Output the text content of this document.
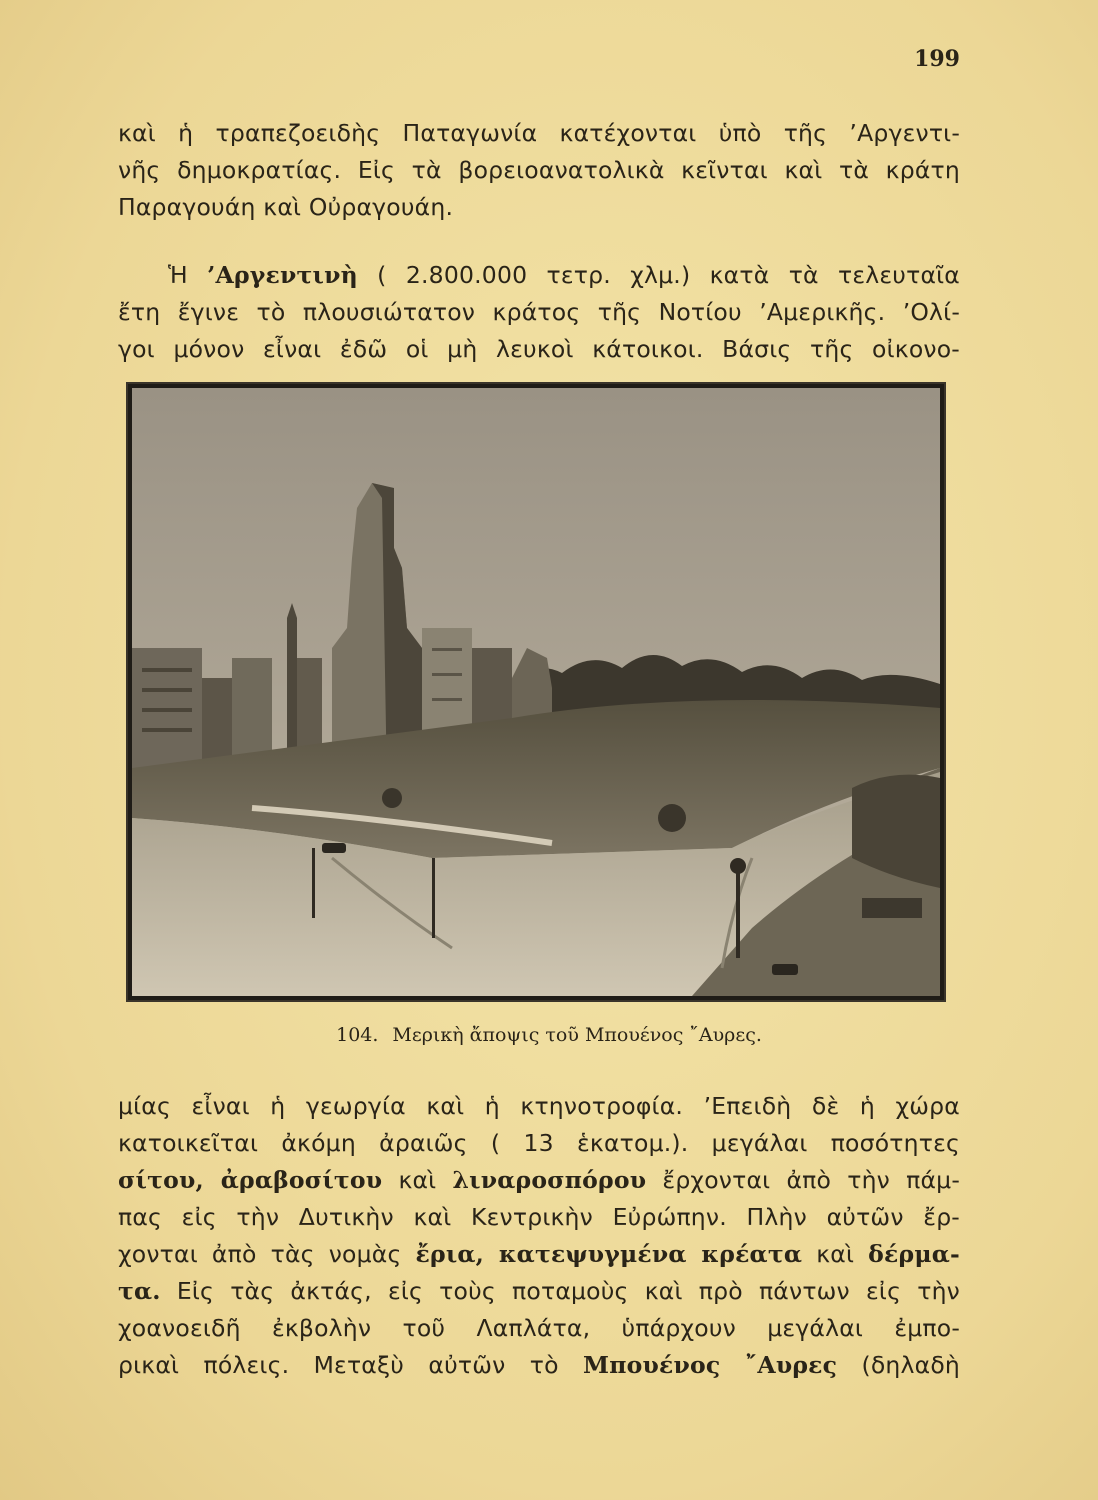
199
καὶ ἡ τραπεζοειδὴς Παταγωνία κατέχονται ὑπὸ τῆς ’Αργεντι-
νῆς δημοκρατίας. Εἰς τὰ βορειοανατολικὰ κεῖνται καὶ τὰ κράτη
Παραγουάη καὶ Οὐραγουάη.
Ἡ ’Αργεντινὴ ( 2.800.000 τετρ. χλμ.) κατὰ τὰ τελευταῖα
ἔτη ἔγινε τὸ πλουσιώτατον κράτος τῆς Νοτίου ’Αμερικῆς. ’Ολί-
γοι μόνον εἶναι ἐδῶ οἱ μὴ λευκοὶ κάτοικοι. Βάσις τῆς οἰκονο-
104. Μερικὴ ἄποψις τοῦ Μπουένος ῎Αυρες.
μίας εἶναι ἡ γεωργία καὶ ἡ κτηνοτροφία. ’Επειδὴ δὲ ἡ χώρα
κατοικεῖται ἀκόμη ἀραιῶς ( 13 ἑκατομ.). μεγάλαι ποσότητες
σίτου, ἀραβοσίτου καὶ λιναροσπόρου ἔρχονται ἀπὸ τὴν πάμ-
πας εἰς τὴν Δυτικὴν καὶ Κεντρικὴν Εὐρώπην. Πλὴν αὐτῶν ἔρ-
χονται ἀπὸ τὰς νομὰς ἔρια, κατεψυγμένα κρέατα καὶ δέρμα-
τα. Εἰς τὰς ἀκτάς, εἰς τοὺς ποταμοὺς καὶ πρὸ πάντων εἰς τὴν
χοανοειδῆ ἐκβολὴν τοῦ Λαπλάτα, ὑπάρχουν μεγάλαι ἐμπο-
ρικαὶ πόλεις. Μεταξὺ αὐτῶν τὸ Μπουένος ῎Αυρες (δηλαδὴ
